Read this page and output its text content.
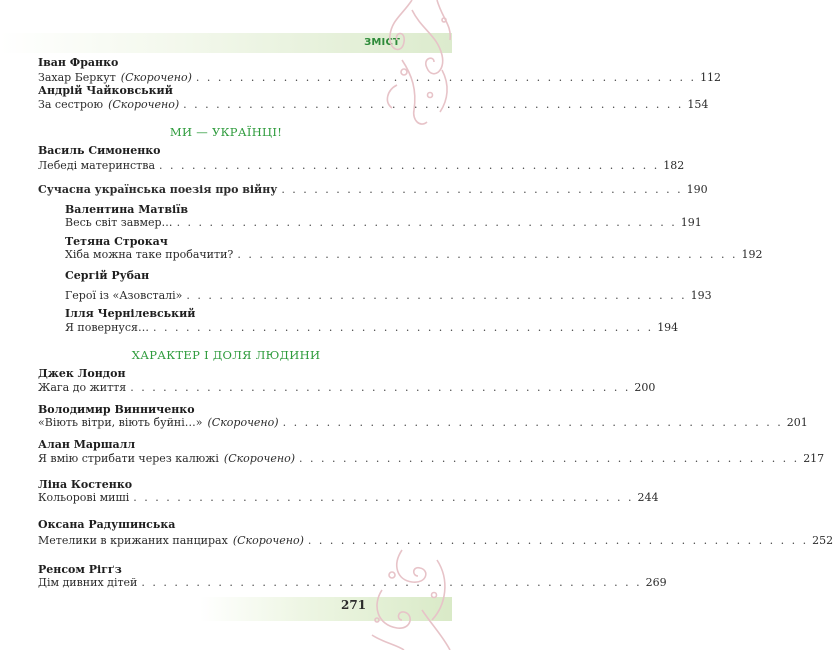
ЗМІСТ
271
Іван Франко
Захар Беркут (Скорочено) . . . . . . . . . . . . . . . . . . . . . . . . . . . . . . . . . . . . . . . . . . . . . . 112
Андрій Чайковський
За сестрою (Скорочено) . . . . . . . . . . . . . . . . . . . . . . . . . . . . . . . . . . . . . . . . . . . . . . 154
МИ — УКРАЇНЦІ!
Василь Симоненко
Лебеді материнства . . . . . . . . . . . . . . . . . . . . . . . . . . . . . . . . . . . . . . . . . . . . . . 182
Сучасна українська поезія про війну . . . . . . . . . . . . . . . . . . . . . . . . . . . . . . . . . . . . . 190
Валентина Матвіїв
Весь світ завмер… . . . . . . . . . . . . . . . . . . . . . . . . . . . . . . . . . . . . . . . . . . . . . . 191
Тетяна Строкач
Хіба можна таке пробачити? . . . . . . . . . . . . . . . . . . . . . . . . . . . . . . . . . . . . . . . . . . . . . . 192
Сергій Рубан
Герої із «Азовсталі» . . . . . . . . . . . . . . . . . . . . . . . . . . . . . . . . . . . . . . . . . . . . . . 193
Ілля Чернілевський
Я повернуся… . . . . . . . . . . . . . . . . . . . . . . . . . . . . . . . . . . . . . . . . . . . . . . 194
ХАРАКТЕР І ДОЛЯ ЛЮДИНИ
Джек Лондон
Жага до життя . . . . . . . . . . . . . . . . . . . . . . . . . . . . . . . . . . . . . . . . . . . . . . 200
Володимир Винниченко
«Віють вітри, віють буйні…» (Скорочено) . . . . . . . . . . . . . . . . . . . . . . . . . . . . . . . . . . . . . . . . . . . . . . 201
Алан Маршалл
Я вмію стрибати через калюжі (Скорочено) . . . . . . . . . . . . . . . . . . . . . . . . . . . . . . . . . . . . . . . . . . . . . . 217
Ліна Костенко
Кольорові миші . . . . . . . . . . . . . . . . . . . . . . . . . . . . . . . . . . . . . . . . . . . . . . 244
Оксана Радушинська
Метелики в крижаних панцирах (Скорочено) . . . . . . . . . . . . . . . . . . . . . . . . . . . . . . . . . . . . . . . . . . . . . . 252
Ренсом Рігґз
Дім дивних дітей . . . . . . . . . . . . . . . . . . . . . . . . . . . . . . . . . . . . . . . . . . . . . . 269
